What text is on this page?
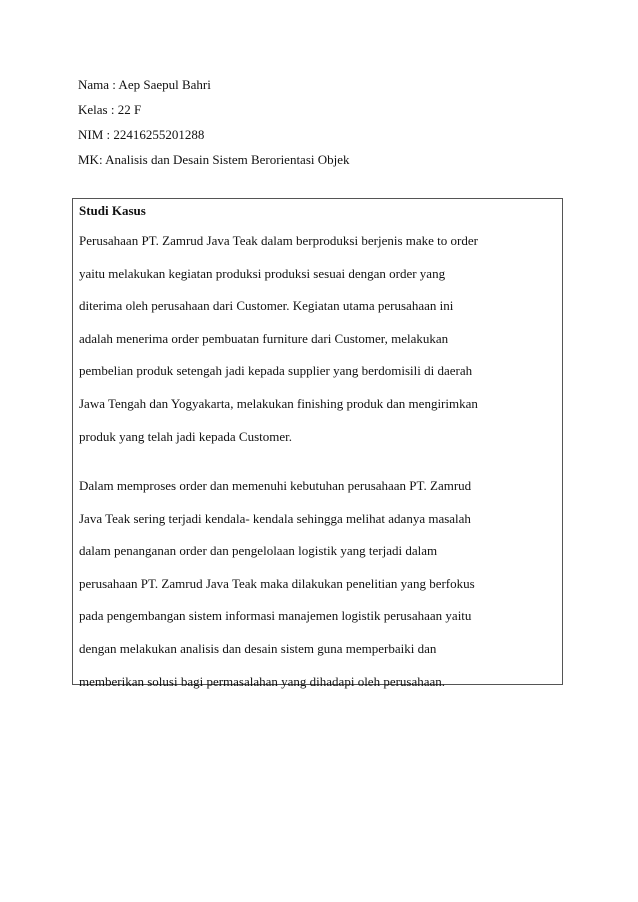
Nama : Aep Saepul Bahri
Kelas : 22 F
NIM : 22416255201288
MK: Analisis dan Desain Sistem Berorientasi Objek
Studi Kasus
Perusahaan PT. Zamrud Java Teak dalam berproduksi berjenis make to order
yaitu melakukan kegiatan produksi produksi sesuai dengan order yang
diterima oleh perusahaan dari Customer. Kegiatan utama perusahaan ini
adalah menerima order pembuatan furniture dari Customer, melakukan
pembelian produk setengah jadi kepada supplier yang berdomisili di daerah
Jawa Tengah dan Yogyakarta, melakukan finishing produk dan mengirimkan
produk yang telah jadi kepada Customer.
Dalam memproses order dan memenuhi kebutuhan perusahaan PT. Zamrud
Java Teak sering terjadi kendala- kendala sehingga melihat adanya masalah
dalam penanganan order dan pengelolaan logistik yang terjadi dalam
perusahaan PT. Zamrud Java Teak maka dilakukan penelitian yang berfokus
pada pengembangan sistem informasi manajemen logistik perusahaan yaitu
dengan melakukan analisis dan desain sistem guna memperbaiki dan
memberikan solusi bagi permasalahan yang dihadapi oleh perusahaan.
